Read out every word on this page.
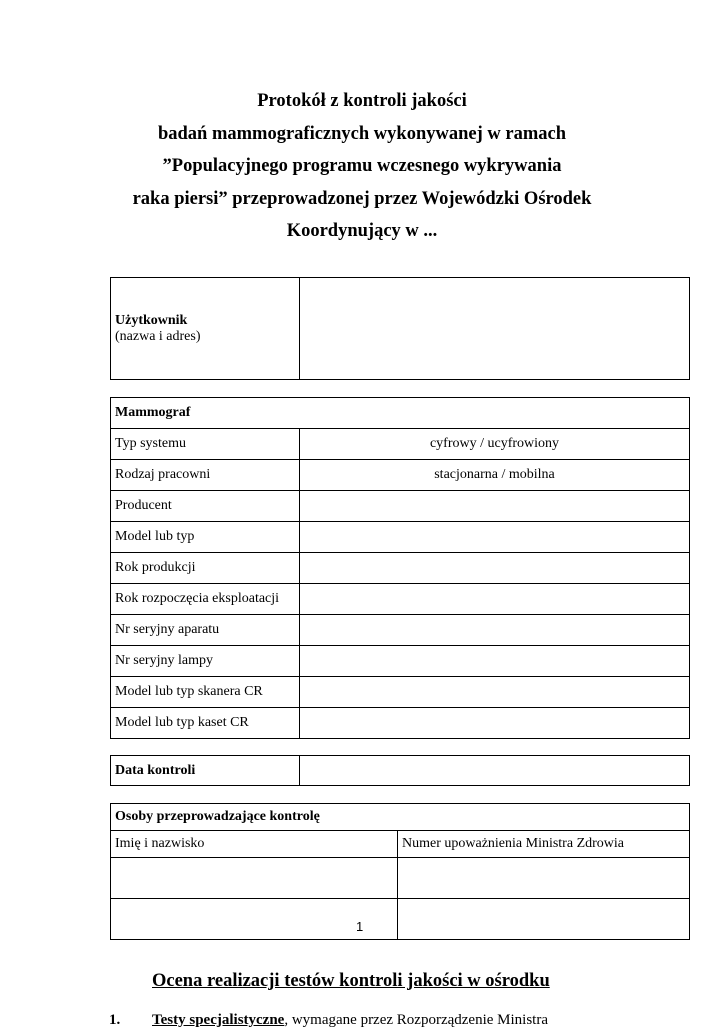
Protokół z kontroli jakości
badań mammograficznych wykonywanej w ramach
”Populacyjnego programu wczesnego wykrywania
raka piersi” przeprowadzonej przez Wojewódzki Ośrodek
Koordynujący w ...
Użytkownik
(nazwa i adres)	
Mammograf	
Typ systemu	cyfrowy / ucyfrowiony
Rodzaj pracowni	stacjonarna / mobilna
Producent	
Model lub typ	
Rok produkcji	
Rok rozpoczęcia eksploatacji	
Nr seryjny aparatu	
Nr seryjny lampy	
Model lub typ skanera CR	
Model lub typ kaset CR	
Data kontroli	
Osoby przeprowadzające kontrolę	
Imię i nazwisko	Numer upoważnienia Ministra Zdrowia

1
Ocena realizacji testów kontroli jakości w ośrodku
1. Testy specjalistyczne, wymagane przez Rozporządzenie Ministra
